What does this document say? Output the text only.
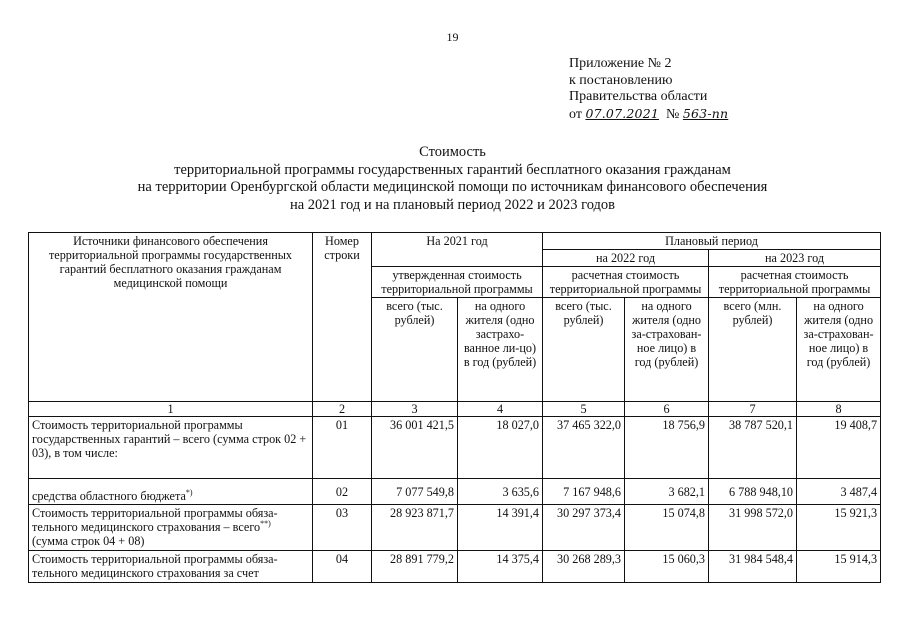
19
Приложение № 2
к постановлению
Правительства области
от 07.07.2021 № 563-пп
Стоимость
территориальной программы государственных гарантий бесплатного оказания гражданам
на территории Оренбургской области медицинской помощи по источникам финансового обеспечения
на 2021 год и на плановый период 2022 и 2023 годов
Источники финансового обеспечения территориальной программы государственных гарантий бесплатного оказания гражданам медицинской помощи	Номер строки	На 2021 год		Плановый период			
				на 2022 год		на 2023 год	
		утвержденная стоимость территориальной программы		расчетная стоимость территориальной программы		расчетная стоимость территориальной программы	
		всего (тыс. рублей)	на одного жителя (одно застрахо-ванное ли-цо) в год (рублей)	всего (тыс. рублей)	на одного жителя (одно за-страхован-ное лицо) в год (рублей)	всего (млн. рублей)	на одного жителя (одно за-страхован-ное лицо) в год (рублей)
1	2	3	4	5	6	7	8
Стоимость территориальной программы государственных гарантий – всего (сумма строк 02 + 03), в том числе:	01	36 001 421,5	18 027,0	37 465 322,0	18 756,9	38 787 520,1	19 408,7
средства областного бюджета*)	02	7 077 549,8	3 635,6	7 167 948,6	3 682,1	6 788 948,10	3 487,4
Стоимость территориальной программы обяза-тельного медицинского страхования – всего**)
(сумма строк 04 + 08)	03	28 923 871,7	14 391,4	30 297 373,4	15 074,8	31 998 572,0	15 921,3
Стоимость территориальной программы обяза-тельного медицинского страхования за счет	04	28 891 779,2	14 375,4	30 268 289,3	15 060,3	31 984 548,4	15 914,3
